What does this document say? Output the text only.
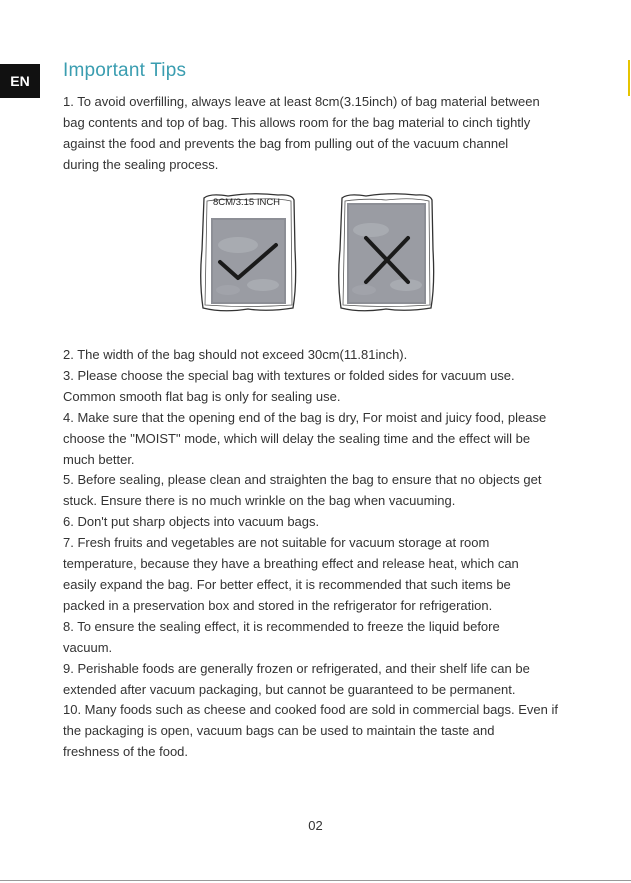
EN	Important Tips

1. To avoid overfilling, always leave at least 8cm(3.15inch) of bag material between

bag contents and top of bag. This allows room for the bag material to cinch tightly

against the food and prevents the bag from pulling out of the vacuum channel

during the sealing process.

8CM/3.15 INCH

2. The width of the bag should not exceed 30cm(11.81inch).

3. Please choose the special bag with textures or folded sides for vacuum use.

Common smooth flat bag is only for sealing use.

4. Make sure that the opening end of the bag is dry, For moist and juicy food, please

choose the "MOIST" mode, which will delay the sealing time and the effect will be

much better.

5. Before sealing, please clean and straighten the bag to ensure that no objects get

stuck. Ensure there is no much wrinkle on the bag when vacuuming.

6. Don't put sharp objects into vacuum bags.

7. Fresh fruits and vegetables are not suitable for vacuum storage at room

temperature, because they have a breathing effect and release heat, which can

easily expand the bag. For better effect, it is recommended that such items be

packed in a preservation box and stored in the refrigerator for refrigeration.

8. To ensure the sealing effect, it is recommended to freeze the liquid before

vacuum.

9. Perishable foods are generally frozen or refrigerated, and their shelf life can be

extended after vacuum packaging, but cannot be guaranteed to be permanent.

10. Many foods such as cheese and cooked food are sold in commercial bags. Even if

the packaging is open, vacuum bags can be used to maintain the taste and

freshness of the food.

02
